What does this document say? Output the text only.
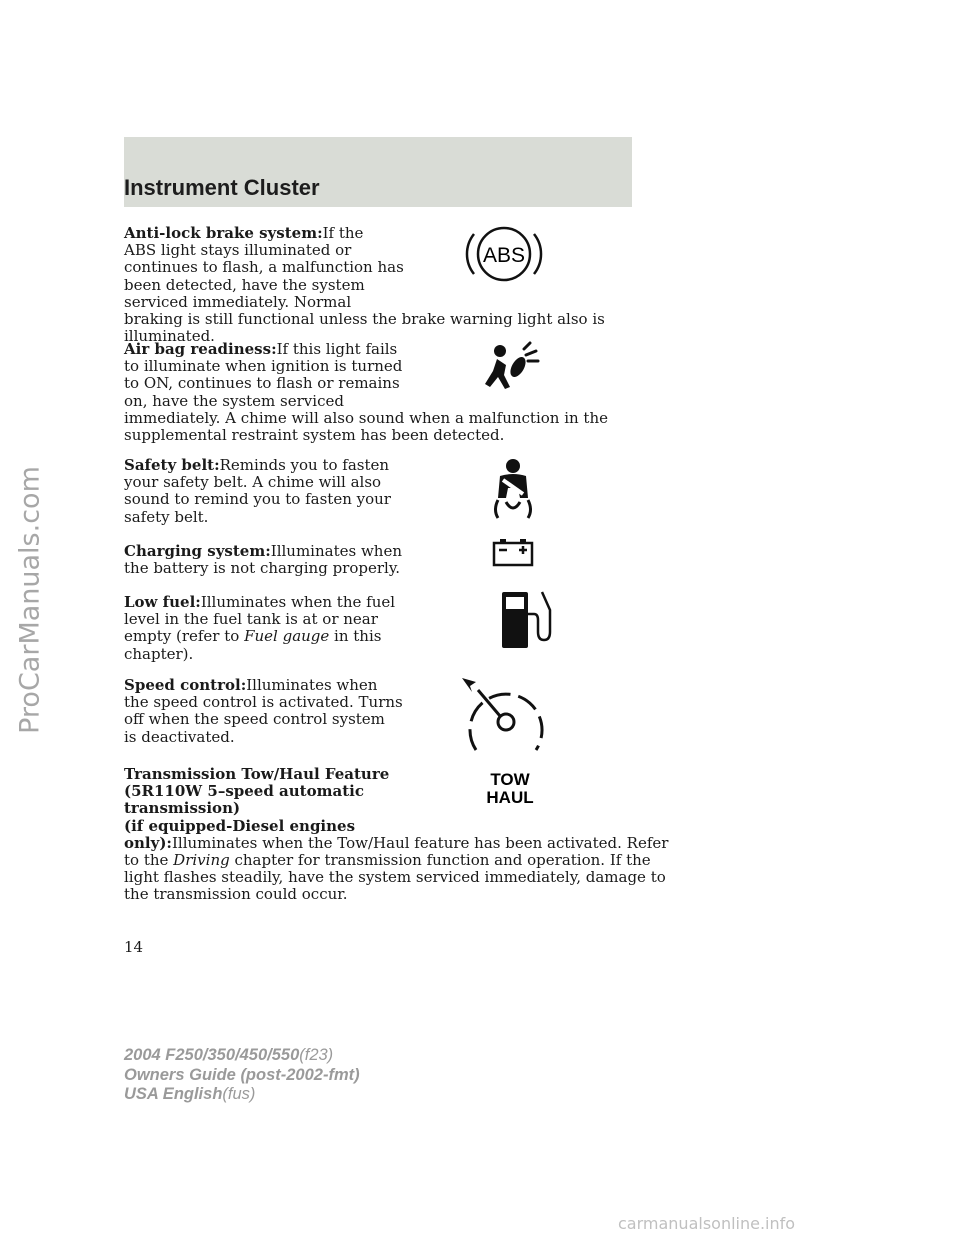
ProCarManuals.com
Instrument Cluster

Anti-lock brake system:If the
ABS light stays illuminated or
continues to flash, a malfunction has
been detected, have the system
serviced immediately. Normal
braking is still functional unless the brake warning light also is
illuminated.

ABS

Air bag readiness:If this light fails
to illuminate when ignition is turned
to ON, continues to flash or remains
on, have the system serviced
immediately. A chime will also sound when a malfunction in the
supplemental restraint system has been detected.

Safety belt:Reminds you to fasten
your safety belt. A chime will also
sound to remind you to fasten your
safety belt.

Charging system:Illuminates when
the battery is not charging properly.

Low fuel:Illuminates when the fuel
level in the fuel tank is at or near
empty (refer to Fuel gauge in this
chapter).

Speed control:Illuminates when
the speed control is activated. Turns
off when the speed control system
is deactivated.

Transmission Tow/Haul Feature
(5R110W 5–speed automatic
transmission)
(if equipped-Diesel engines
only):Illuminates when the Tow/Haul feature has been activated. Refer
to the Driving chapter for transmission function and operation. If the
light flashes steadily, have the system serviced immediately, damage to
the transmission could occur.

TOW
HAUL
14
2004 F250/350/450/550(f23)
Owners Guide (post-2002-fmt)
USA English(fus)
carmanualsonline.info
